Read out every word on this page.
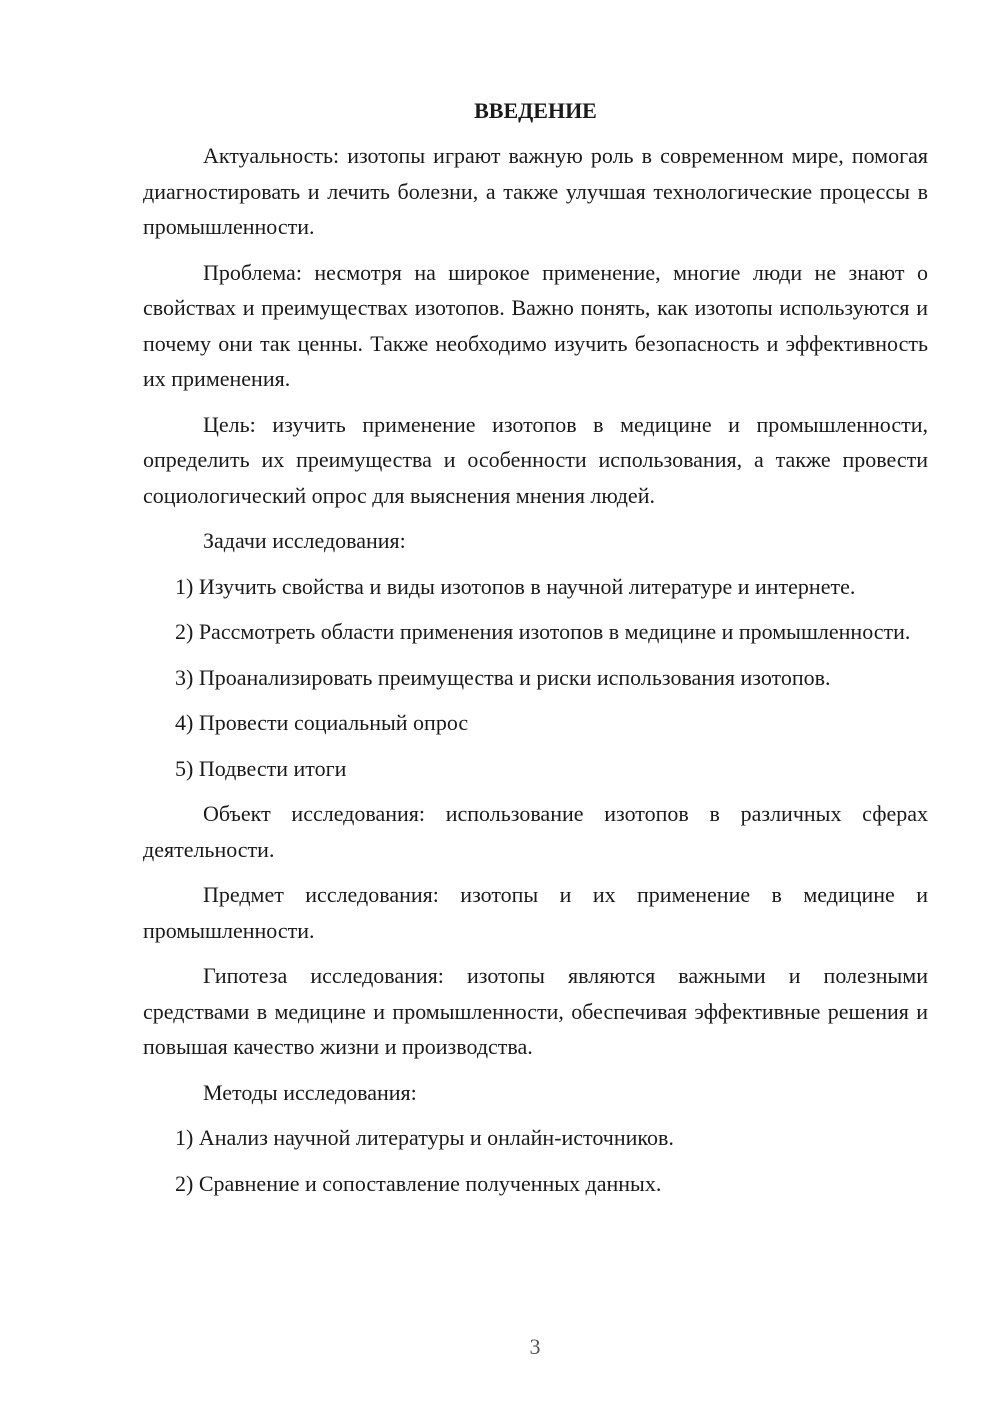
ВВЕДЕНИЕ

Актуальность: изотопы играют важную роль в современном мире, помогая диагностировать и лечить болезни, а также улучшая технологические процессы в промышленности.

Проблема: несмотря на широкое применение, многие люди не знают о свойствах и преимуществах изотопов. Важно понять, как изотопы используются и почему они так ценны. Также необходимо изучить безопасность и эффективность их применения.

Цель: изучить применение изотопов в медицине и промышленности, определить их преимущества и особенности использования, а также провести социологический опрос для выяснения мнения людей.

Задачи исследования:

1) Изучить свойства и виды изотопов в научной литературе и интернете.

2) Рассмотреть области применения изотопов в медицине и промышленности.

3) Проанализировать преимущества и риски использования изотопов.

4) Провести социальный опрос

5) Подвести итоги

Объект исследования: использование изотопов в различных сферах деятельности.

Предмет исследования: изотопы и их применение в медицине и промышленности.

Гипотеза исследования: изотопы являются важными и полезными средствами в медицине и промышленности, обеспечивая эффективные решения и повышая качество жизни и производства.

Методы исследования:

1) Анализ научной литературы и онлайн-источников.

2) Сравнение и сопоставление полученных данных.

3
